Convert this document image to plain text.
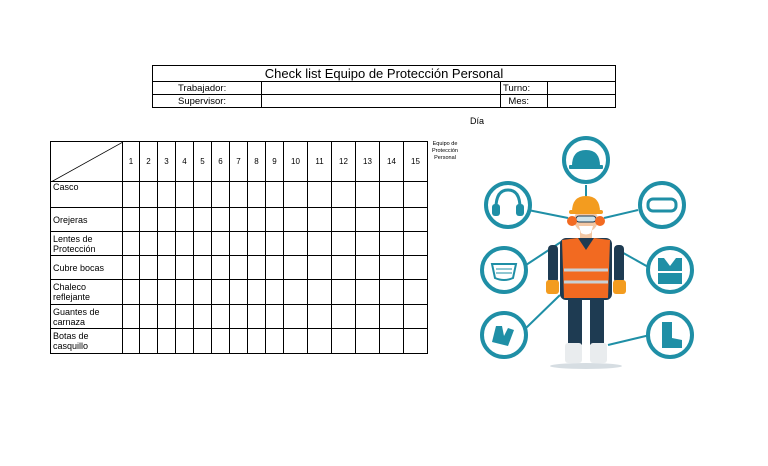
Check list Equipo de Protección Personal			
Trabajador:		Turno:	
Supervisor:		Mes:	
Día
	1	2	3	4	5	6	7	8	9	10	11	12	13	14	15

Casco															

Orejeras															

Lentes de
Protección															

Cubre bocas															

Chaleco
reflejante															

Guantes de
carnaza															

Botas de
casquillo															

Equipo de
Protección
Personal
